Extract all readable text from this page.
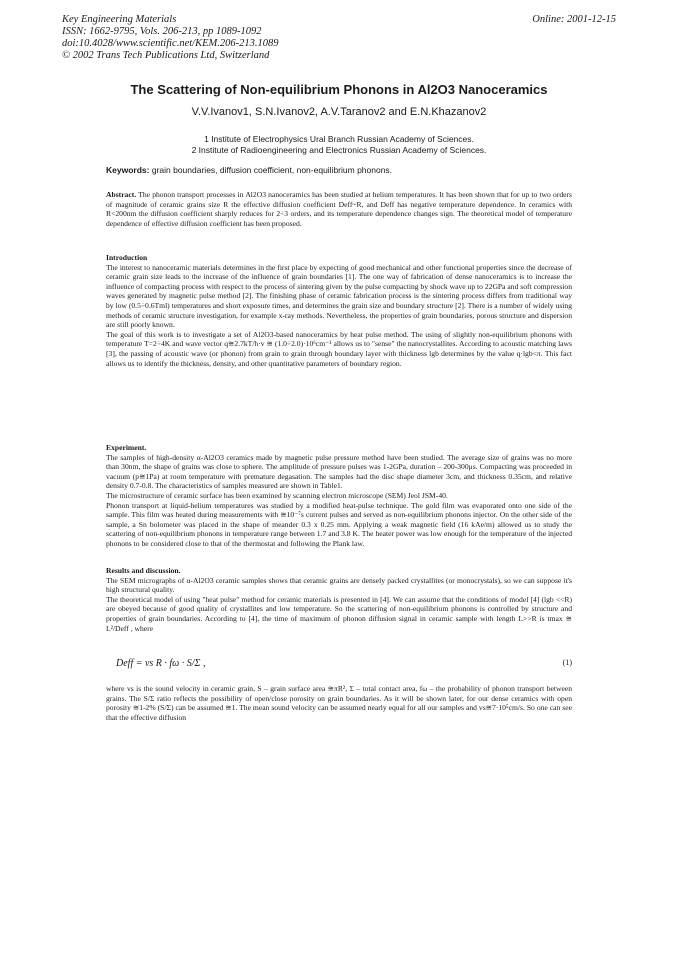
Key Engineering Materials
ISSN: 1662-9795, Vols. 206-213, pp 1089-1092
doi:10.4028/www.scientific.net/KEM.206-213.1089
© 2002 Trans Tech Publications Ltd, Switzerland
Online: 2001-12-15
The Scattering of Non-equilibrium Phonons in Al2O3 Nanoceramics
V.V.Ivanov1, S.N.Ivanov2, A.V.Taranov2 and E.N.Khazanov2
1 Institute of Electrophysics Ural Branch Russian Academy of Sciences.
2 Institute of Radioengineering and Electronics Russian Academy of Sciences.
Keywords: grain boundaries, diffusion coefficient, non-equilibrium phonons.

Abstract. The phonon transport processes in Al2O3 nanoceramics has been studied at helium temperatures. It has been shown that for up to two orders of magnitude of ceramic grains size R the effective diffusion coefficient Deff~R, and Deff has negative temperature dependence. In ceramics with R<200nm the diffusion coefficient sharply reduces for 2÷3 orders, and its temperature dependence changes sign. The theoretical model of temperature dependence of effective diffusion coefficient has been proposed.

Introduction

The interest to nanoceramic materials determines in the first place by expecting of good mechanical and other functional properties since the decrease of ceramic grain size leads to the increase of the influence of grain boundaries [1]. The one way of fabrication of dense nanoceramics is to increase the influence of compacting process with respect to the process of sintering given by the pulse compacting by shock wave up to 22GPa and soft compression waves generated by magnetic pulse method [2]. The finishing phase of ceramic fabrication process is the sintering process differs from traditional way by low (0.5÷0.6Tml) temperatures and short exposure times, and determines the grain size and boundary structure [2]. There is a number of widely using methods of ceramic structure investigation, for example x-ray methods. Nevertheless, the properties of grain boundaries, porous structure and dispersion are still poorly known.

The goal of this work is to investigate a set of Al2O3-based nanoceramics by heat pulse method. The using of slightly non-equilibrium phonons with temperature T=2÷4K and wave vector q≅2.7kT/h·v ≅ (1.0÷2.0)·10⁶cm⁻¹ allows us to "sense" the nanocrystallites. According to acoustic matching laws [3], the passing of acoustic wave (or phonon) from grain to grain through boundary layer with thickness lgb determines by the value q·lgb<π. This fact allows us to identify the thickness, density, and other quantitative parameters of boundary region.

Experiment.

The samples of high-density α-Al2O3 ceramics made by magnetic pulse pressure method have been studied. The average size of grains was no more than 30nm, the shape of grains was close to sphere. The amplitude of pressure pulses was 1-2GPa, duration – 200-300μs. Compacting was proceeded in vacuum (p≅1Pa) at room temperature with premature degasation. The samples had the disc shape diameter 3cm, and thickness 0.35cm, and relative density 0.7-0.8. The characteristics of samples measured are shown in Table1.

The microstructure of ceramic surface has been examined by scanning electron microscope (SEM) Jeol JSM-40.

Phonon transport at liquid-helium temperatures was studied by a modified heat-pulse technique. The gold film was evaporated onto one side of the sample. This film was heated during measurements with ≅10⁻⁷s current pulses and served as non-equilibrium phonons injector. On the other side of the sample, a Sn bolometer was placed in the shape of meander 0.3 x 0.25 mm. Applying a weak magnetic field (16 kAe/m) allowed us to study the scattering of non-equilibrium phonons in temperature range between 1.7 and 3.8 K. The heater power was low enough for the temperature of the injected phonons to be considered close to that of the thermostat and following the Plank law.

Results and discussion.

The SEM micrographs of α-Al2O3 ceramic samples shows that ceramic grains are densely packed crystallites (or monocrystals), so we can suppose it's high structural quality.

The theoretical model of using "heat pulse" method for ceramic materials is presented in [4]. We can assume that the conditions of model [4] (lgb <<R) are obeyed because of good quality of crystallites and low temperature. So the scattering of non-equilibrium phonons is controlled by structure and properties of grain boundaries. According to [4], the time of maximum of phonon diffusion signal in ceramic sample with length L>>R is tmax ≅ L²/Deff , where

Deff = vs R · fω · S/Σ ,	(1)

where vs is the sound velocity in ceramic grain, S – grain surface area ≅πR², Σ – total contact area, fω – the probability of phonon transport between grains. The S/Σ ratio reflects the possibility of open/close porosity on grain boundaries. As it will be shown later, for our dense ceramics with open porosity ≅1-2% (S/Σ) can be assumed ≅1. The mean sound velocity can be assumed nearly equal for all our samples and vs≅7·10⁵cm/s. So one can see that the effective diffusion
